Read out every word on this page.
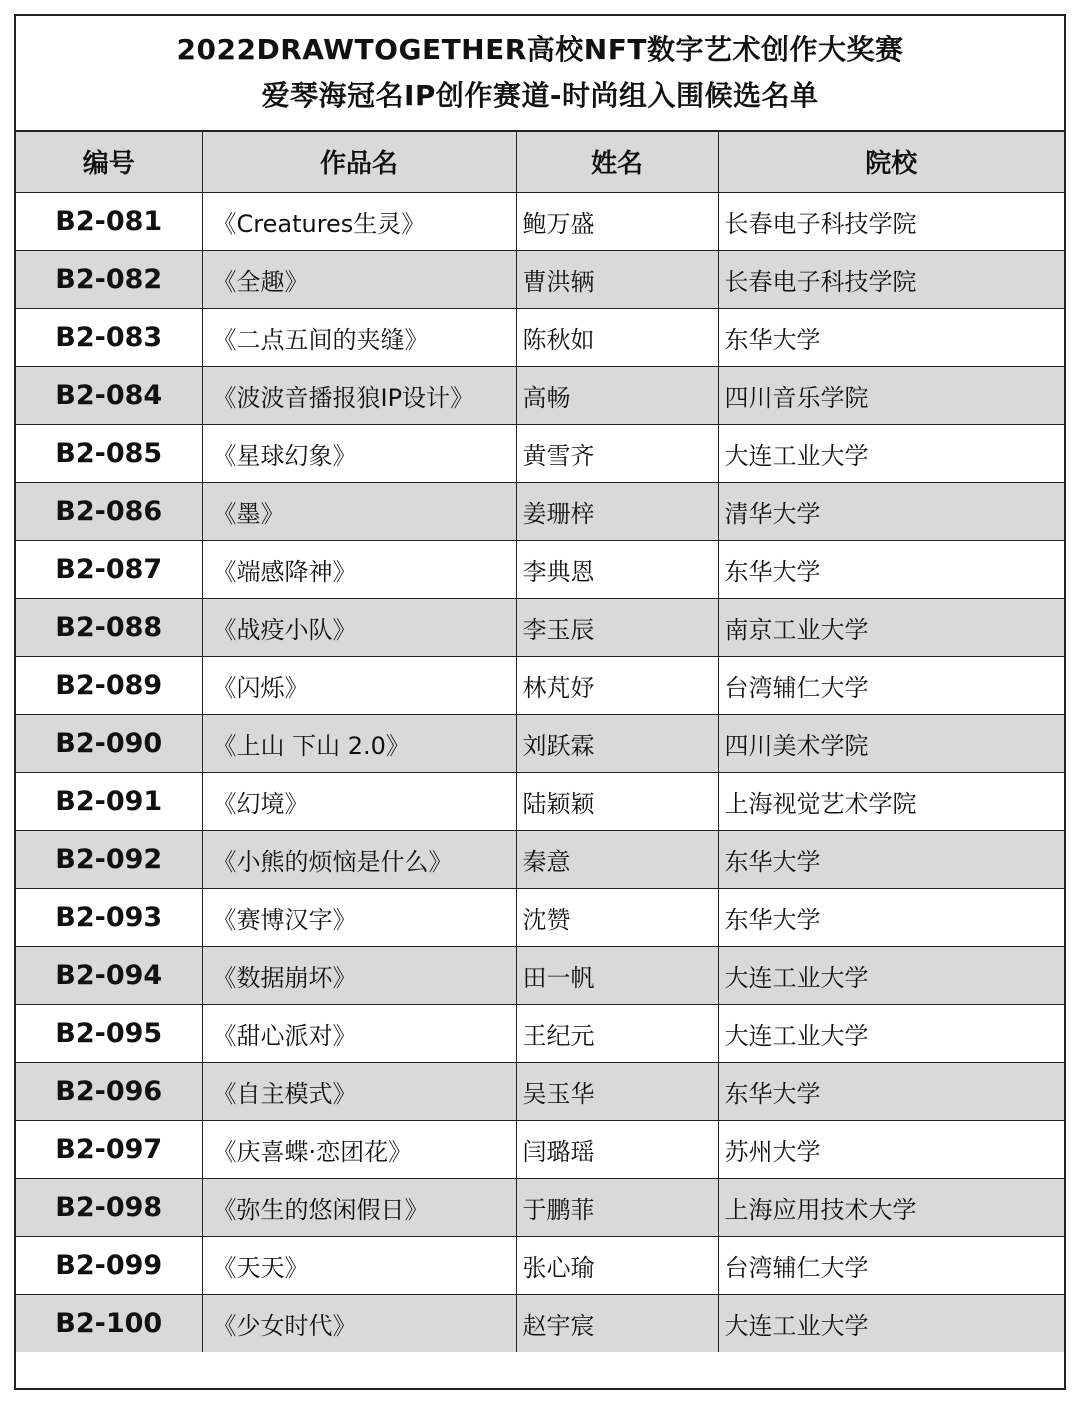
2022DRAWTOGETHER高校NFT数字艺术创作大奖赛
爱琴海冠名IP创作赛道-时尚组入围候选名单
编号	作品名	姓名	院校
B2-081	《Creatures生灵》	鲍万盛	长春电子科技学院
B2-082	《全趣》	曹洪辆	长春电子科技学院
B2-083	《二点五间的夹缝》	陈秋如	东华大学
B2-084	《波波音播报狼IP设计》	高畅	四川音乐学院
B2-085	《星球幻象》	黄雪齐	大连工业大学
B2-086	《墨》	姜珊梓	清华大学
B2-087	《端感降神》	李典恩	东华大学
B2-088	《战疫小队》	李玉辰	南京工业大学
B2-089	《闪烁》	林芃妤	台湾辅仁大学
B2-090	《上山 下山 2.0》	刘跃霖	四川美术学院
B2-091	《幻境》	陆颖颖	上海视觉艺术学院
B2-092	《小熊的烦恼是什么》	秦意	东华大学
B2-093	《赛博汉字》	沈赞	东华大学
B2-094	《数据崩坏》	田一帆	大连工业大学
B2-095	《甜心派对》	王纪元	大连工业大学
B2-096	《自主模式》	吴玉华	东华大学
B2-097	《庆喜蝶·恋团花》	闫璐瑶	苏州大学
B2-098	《弥生的悠闲假日》	于鹏菲	上海应用技术大学
B2-099	《天天》	张心瑜	台湾辅仁大学
B2-100	《少女时代》	赵宇宸	大连工业大学
